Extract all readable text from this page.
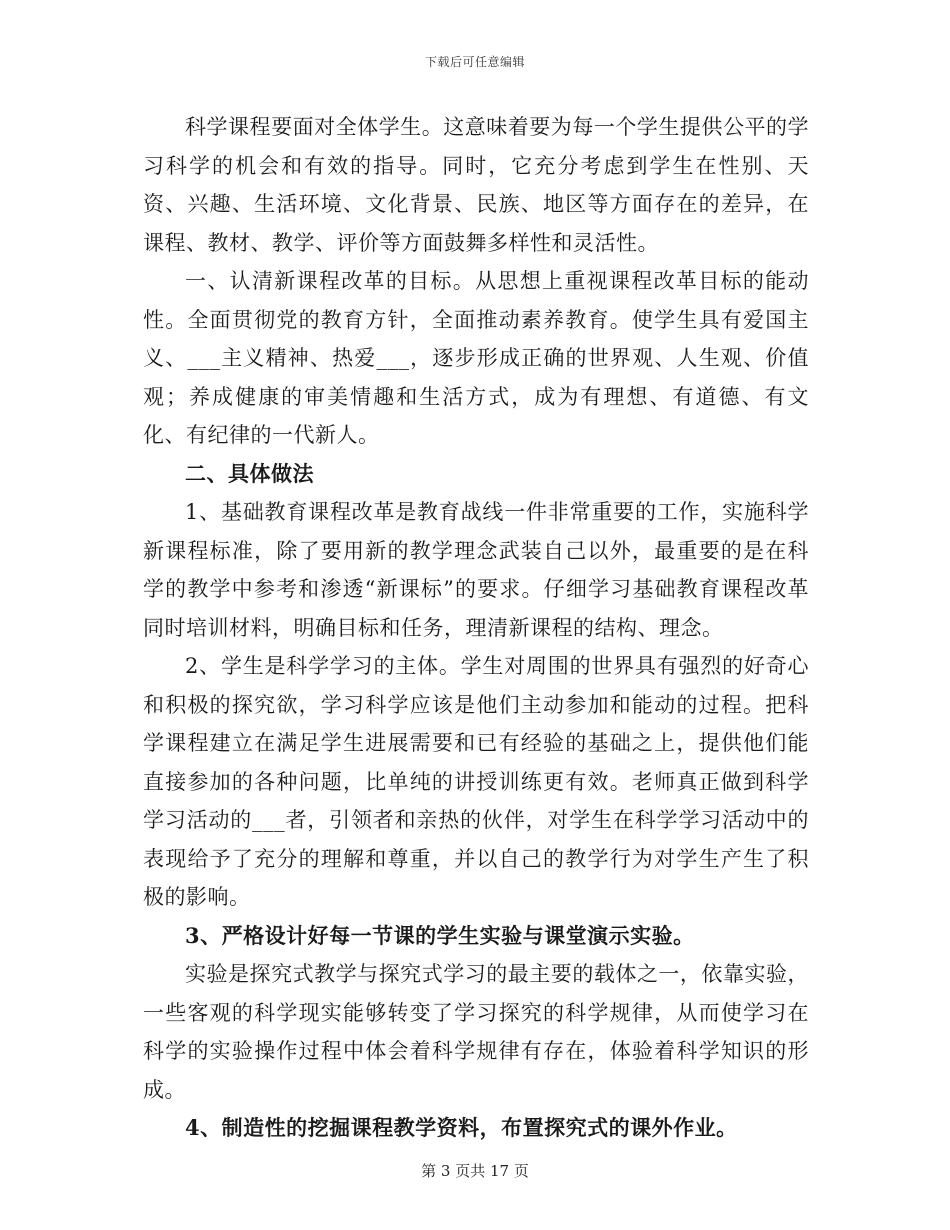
下载后可任意编辑

科学课程要面对全体学生。这意味着要为每一个学生提供公平的学习科学的机会和有效的指导。同时，它充分考虑到学生在性别、天资、兴趣、生活环境、文化背景、民族、地区等方面存在的差异，在课程、教材、教学、评价等方面鼓舞多样性和灵活性。

一、认清新课程改革的目标。从思想上重视课程改革目标的能动性。全面贯彻党的教育方针，全面推动素养教育。使学生具有爱国主义、___主义精神、热爱___，逐步形成正确的世界观、人生观、价值观；养成健康的审美情趣和生活方式，成为有理想、有道德、有文化、有纪律的一代新人。

二、具体做法

1、基础教育课程改革是教育战线一件非常重要的工作，实施科学新课程标准，除了要用新的教学理念武装自己以外，最重要的是在科学的教学中参考和渗透“新课标”的要求。仔细学习基础教育课程改革同时培训材料，明确目标和任务，理清新课程的结构、理念。

2、学生是科学学习的主体。学生对周围的世界具有强烈的好奇心和积极的探究欲，学习科学应该是他们主动参加和能动的过程。把科学课程建立在满足学生进展需要和已有经验的基础之上，提供他们能直接参加的各种问题，比单纯的讲授训练更有效。老师真正做到科学学习活动的___者，引领者和亲热的伙伴，对学生在科学学习活动中的表现给予了充分的理解和尊重，并以自己的教学行为对学生产生了积极的影响。

3、严格设计好每一节课的学生实验与课堂演示实验。

实验是探究式教学与探究式学习的最主要的载体之一，依靠实验，一些客观的科学现实能够转变了学习探究的科学规律，从而使学习在科学的实验操作过程中体会着科学规律有存在，体验着科学知识的形成。

4、制造性的挖掘课程教学资料，布置探究式的课外作业。

第 3 页共 17 页
